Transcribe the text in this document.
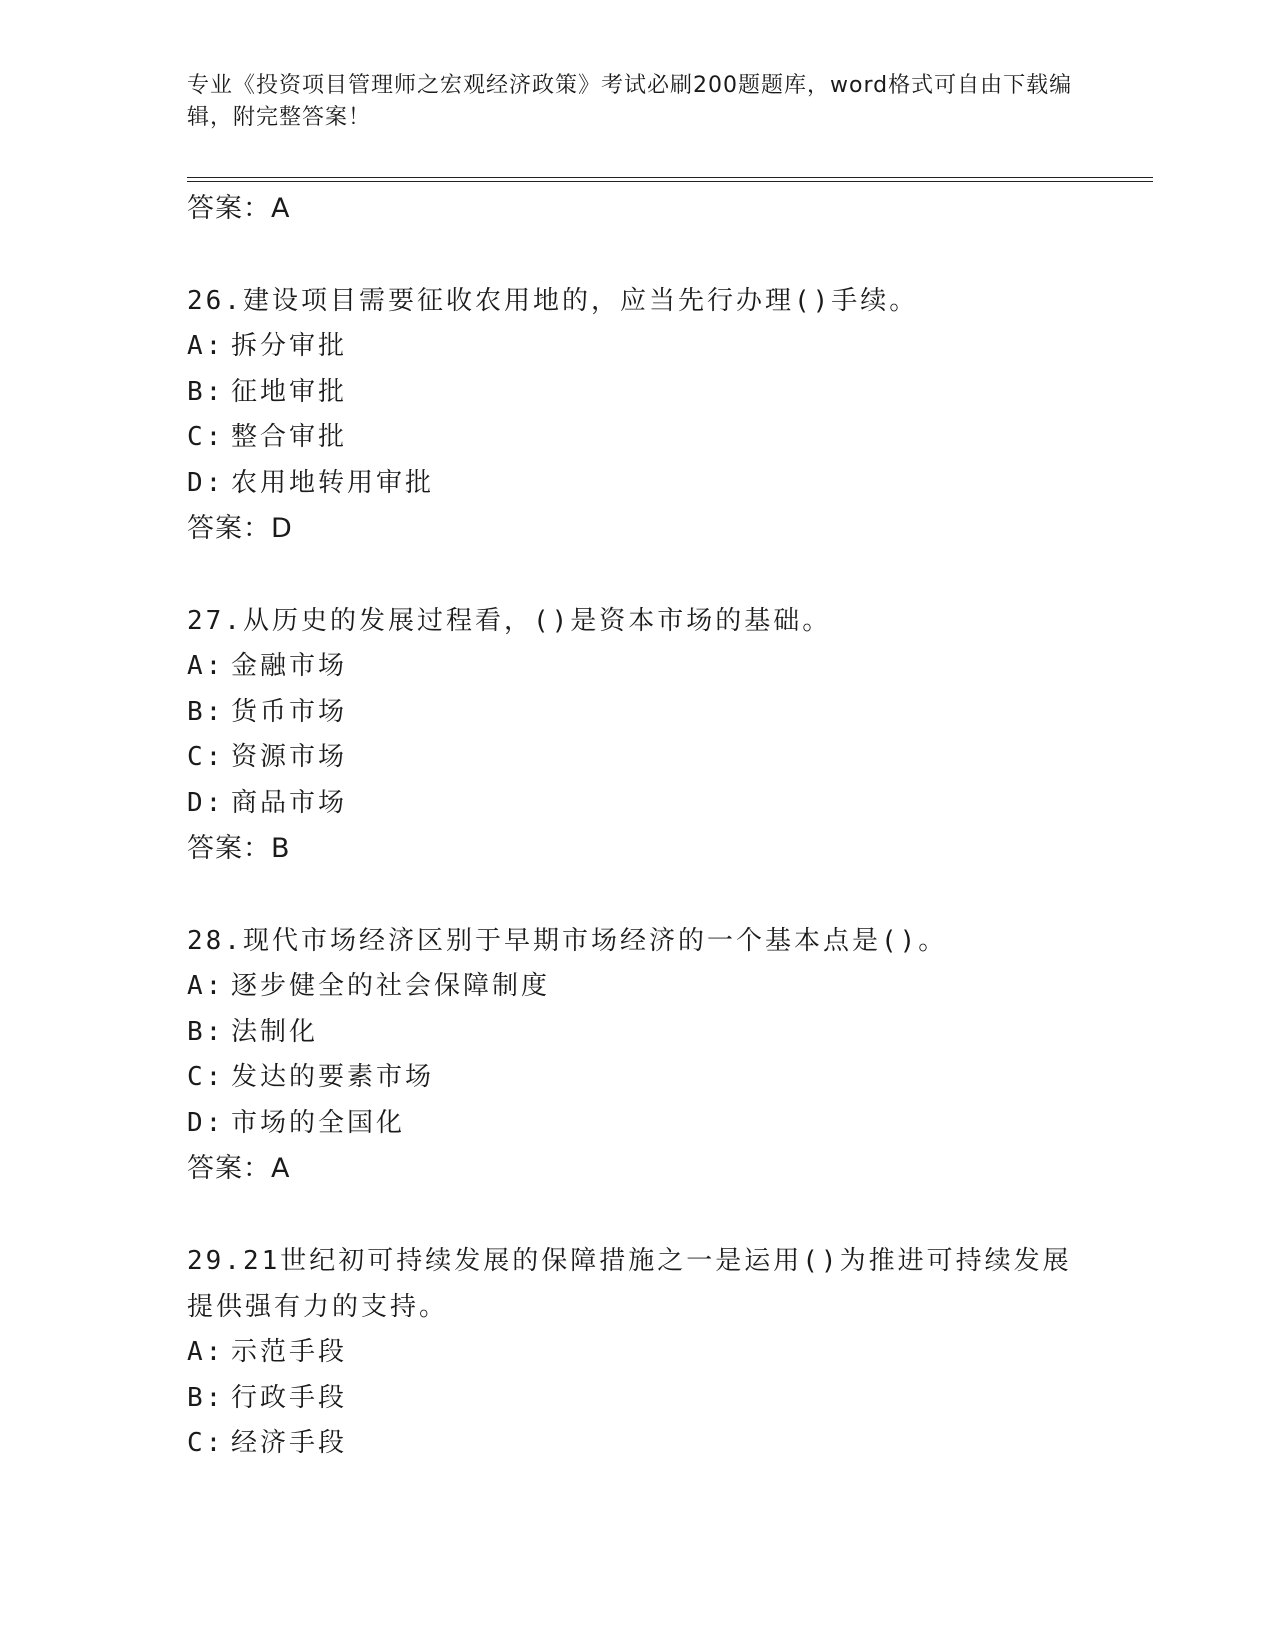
专业《投资项目管理师之宏观经济政策》考试必刷200题题库，word格式可自由下载编辑，附完整答案！
答案：A
26.建设项目需要征收农用地的，应当先行办理()手续。
A: 拆分审批
B: 征地审批
C: 整合审批
D: 农用地转用审批
答案：D
27.从历史的发展过程看，()是资本市场的基础。
A: 金融市场
B: 货币市场
C: 资源市场
D: 商品市场
答案：B
28.现代市场经济区别于早期市场经济的一个基本点是()。
A: 逐步健全的社会保障制度
B: 法制化
C: 发达的要素市场
D: 市场的全国化
答案：A
29.21世纪初可持续发展的保障措施之一是运用()为推进可持续发展提供强有力的支持。
A: 示范手段
B: 行政手段
C: 经济手段
